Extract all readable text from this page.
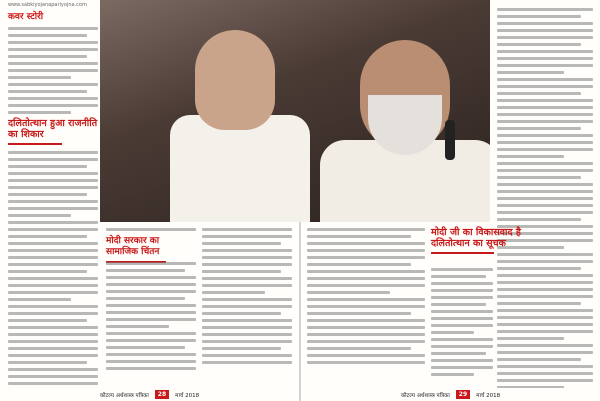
www.sabkiyojanapariyojna.com
कवर स्टोरी
दलितोत्थान हुआ राजनीति का शिकार
मोदी सरकार का सामाजिक चिंतन
कौटल्य अर्थशास्त्र पत्रिका	28	मार्च 2018
मोदी जी का विकासवाद है दलितोत्थान का सूचक
कौटल्य अर्थशास्त्र पत्रिका	29	मार्च 2018
